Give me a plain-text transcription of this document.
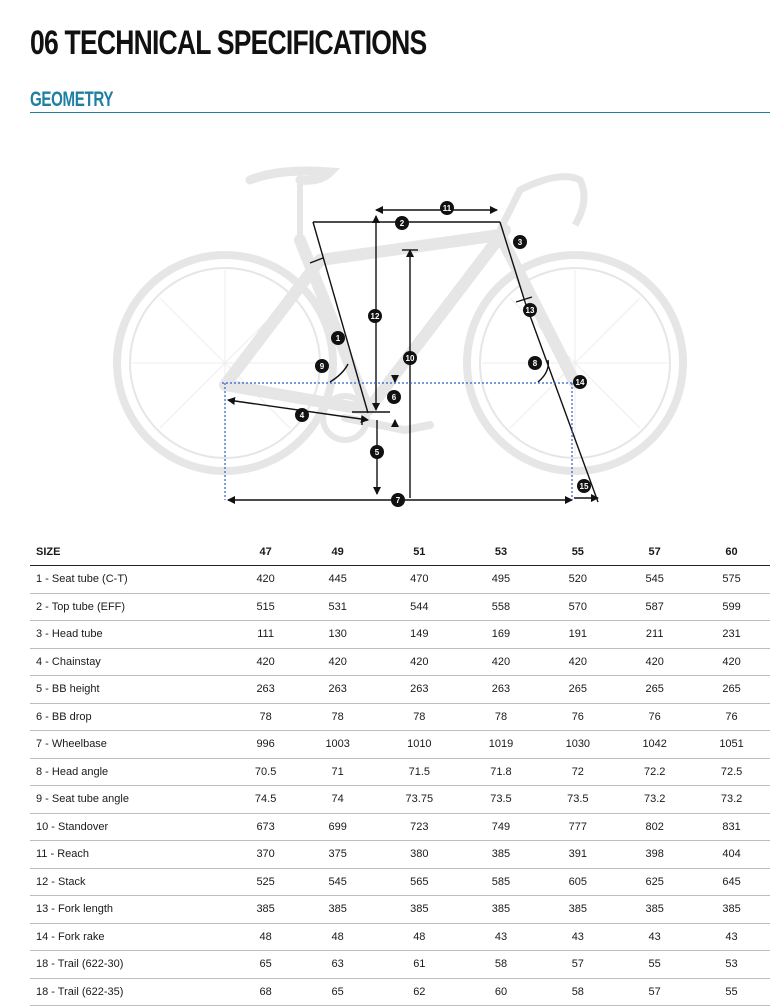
06 TECHNICAL SPECIFICATIONS
GEOMETRY
1
2
3
4
5
6
7
8
9
10
11
12
13
14
15
SIZE	47	49	51	53	55	57	60
1 - Seat tube (C-T)	420	445	470	495	520	545	575
2 - Top tube (EFF)	515	531	544	558	570	587	599
3 - Head tube	111	130	149	169	191	211	231
4 - Chainstay	420	420	420	420	420	420	420
5 - BB height	263	263	263	263	265	265	265
6 - BB drop	78	78	78	78	76	76	76
7 - Wheelbase	996	1003	1010	1019	1030	1042	1051
8 - Head angle	70.5	71	71.5	71.8	72	72.2	72.5
9 - Seat tube angle	74.5	74	73.75	73.5	73.5	73.2	73.2
10 - Standover	673	699	723	749	777	802	831
11 - Reach	370	375	380	385	391	398	404
12 - Stack	525	545	565	585	605	625	645
13 - Fork length	385	385	385	385	385	385	385
14 - Fork rake	48	48	48	43	43	43	43
18 - Trail (622-30)	65	63	61	58	57	55	53
18 - Trail (622-35)	68	65	62	60	58	57	55
